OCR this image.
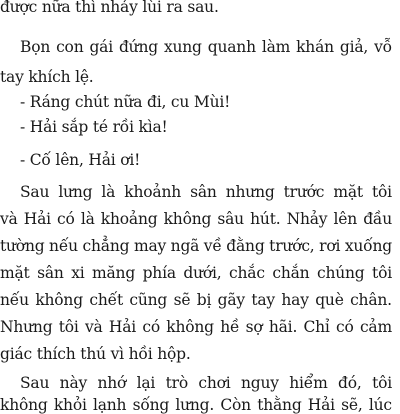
được nữa thì nhảy lùi ra sau.
Bọn con gái đứng xung quanh làm khán giả, vỗ
tay khích lệ.
- Ráng chút nữa đi, cu Mùi!
- Hải sắp té rồi kìa!
- Cố lên, Hải ơi!
Sau lưng là khoảnh sân nhưng trước mặt tôi
và Hải có là khoảng không sâu hút. Nhảy lên đầu
tường nếu chẳng may ngã về đằng trước, rơi xuống
mặt sân xi măng phía dưới, chắc chắn chúng tôi
nếu không chết cũng sẽ bị gãy tay hay què chân.
Nhưng tôi và Hải có không hề sợ hãi. Chỉ có cảm
giác thích thú vì hồi hộp.
Sau này nhớ lại trò chơi nguy hiểm đó, tôi
không khỏi lạnh sống lưng. Còn thằng Hải sẽ, lúc
